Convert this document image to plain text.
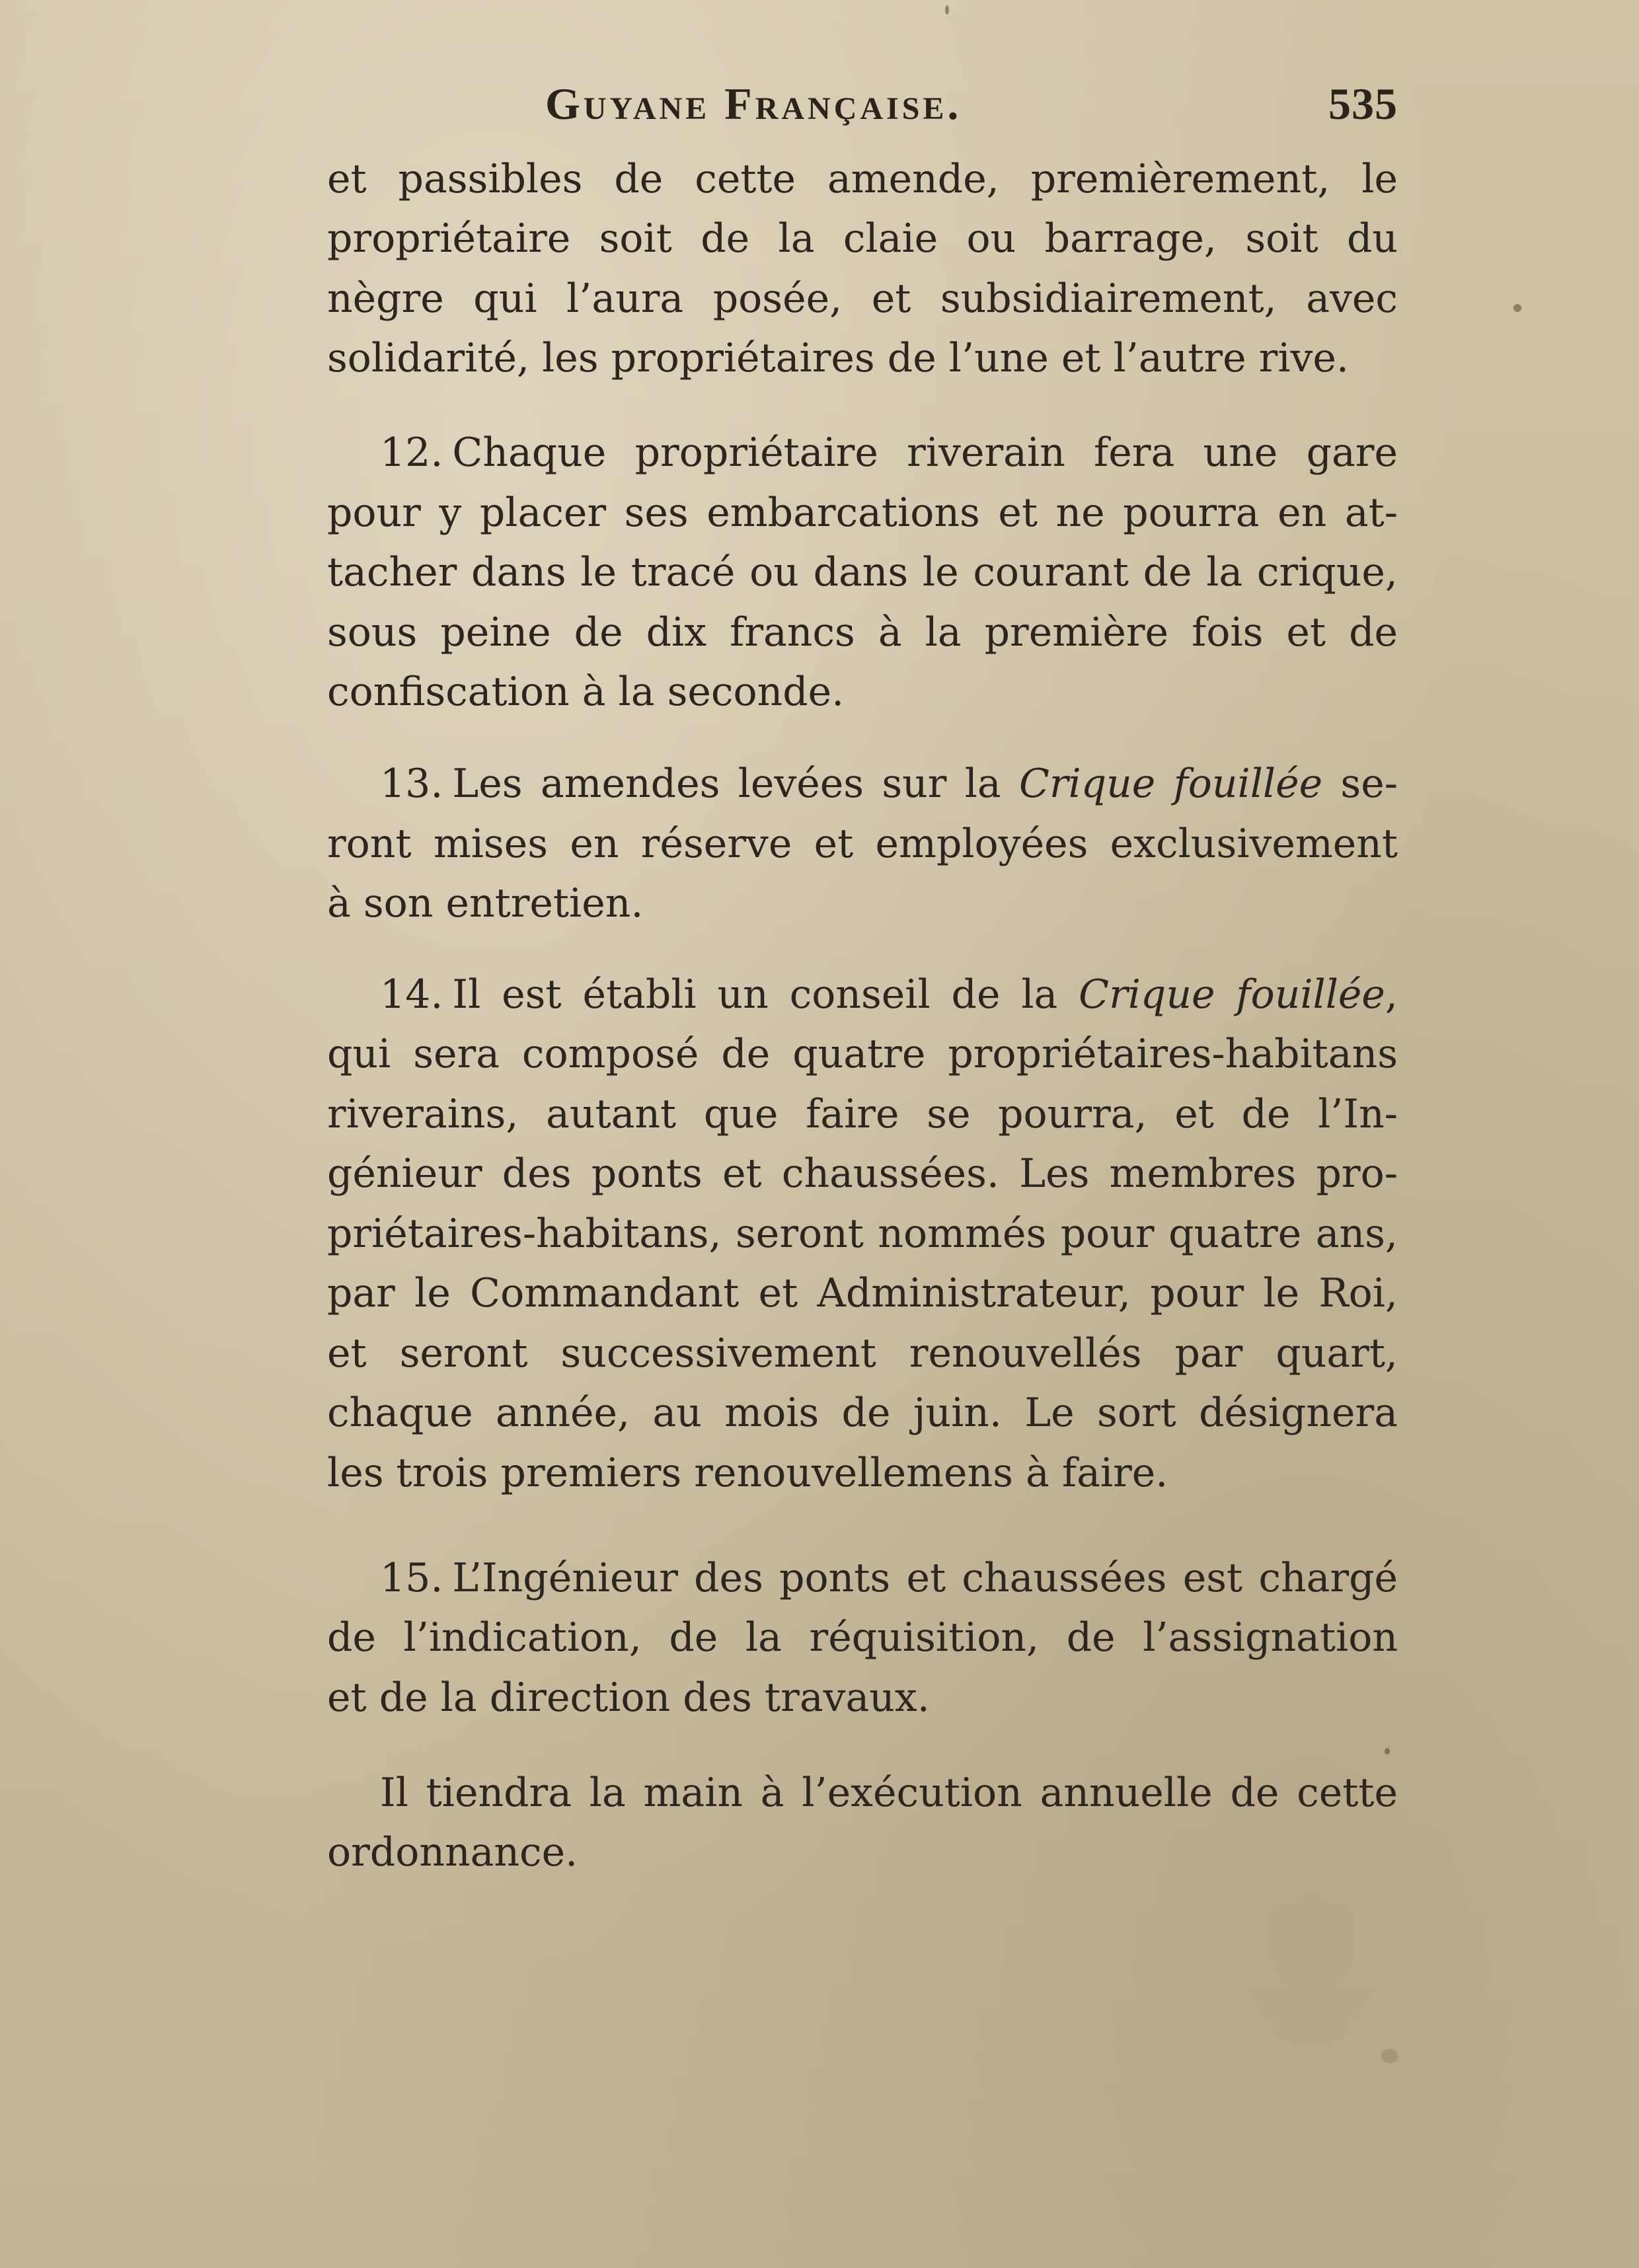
Guyane Française.	535
et passibles de cette amende, premièrement, le
propriétaire soit de la claie ou barrage, soit du
nègre qui l’aura posée, et subsidiairement, avec
solidarité, les propriétaires de l’une et l’autre rive.
12. Chaque propriétaire riverain fera une gare
pour y placer ses embarcations et ne pourra en at-
tacher dans le tracé ou dans le courant de la crique,
sous peine de dix francs à la première fois et de
confiscation à la seconde.
13. Les amendes levées sur la Crique fouillée se-
ront mises en réserve et employées exclusivement
à son entretien.
14. Il est établi un conseil de la Crique fouillée,
qui sera composé de quatre propriétaires-habitans
riverains, autant que faire se pourra, et de l’In-
génieur des ponts et chaussées. Les membres pro-
priétaires-habitans, seront nommés pour quatre ans,
par le Commandant et Administrateur, pour le Roi,
et seront successivement renouvellés par quart,
chaque année, au mois de juin. Le sort désignera
les trois premiers renouvellemens à faire.
15. L’Ingénieur des ponts et chaussées est chargé
de l’indication, de la réquisition, de l’assignation
et de la direction des travaux.
Il tiendra la main à l’exécution annuelle de cette
ordonnance.
